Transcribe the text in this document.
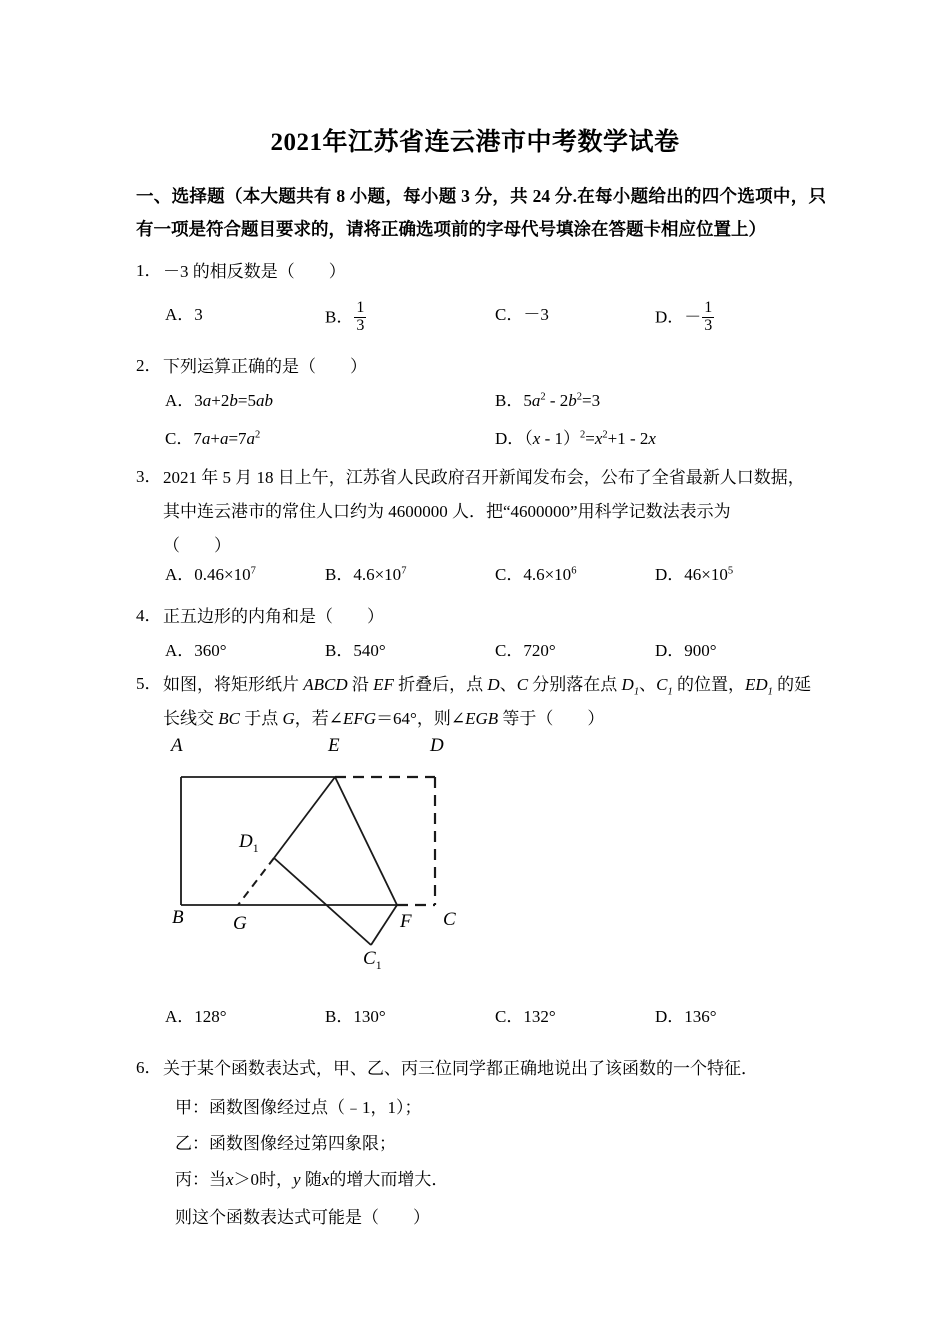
2021年江苏省连云港市中考数学试卷
一、选择题（本大题共有 8 小题，每小题 3 分，共 24 分.在每小题给出的四个选项中，只有一项是符合题目要求的，请将正确选项前的字母代号填涂在答题卡相应位置上）
1． －3 的相反数是（　　）
A．3	B． $\frac{1}{3}$	C．－3	D．－ $\frac{1}{3}$
2． 下列运算正确的是（　　）
A．3a+2b=5ab	B．$5a^2 - 2b^2=3$
C．$7a+a=7a^2$	D．$(x - 1)^2=x^2+1 - 2x$
3． 2021 年 5 月 18 日上午，江苏省人民政府召开新闻发布会，公布了全省最新人口数据，
其中连云港市的常住人口约为 4600000 人．把“4600000”用科学记数法表示为
（　　）
A．$0.46\times 10^7$	B．$4.6\times 10^7$	C．$4.6\times 10^6$	D．$46\times 10^5$
4． 正五边形的内角和是（　　）
A．360°	B．540°	C．720°	D．900°
5． 如图，将矩形纸片 ABCD 沿 EF 折叠后，点 D、C 分别落在点 $D_1$、$C_1$ 的位置，$ED_1$ 的延
长线交 BC 于点 G，若∠EFG＝64°，则∠EGB 等于（　　）
A	E	D
B	G	F C
$D_1$
$C_1$
A．128°	B．130°	C．132°	D．136°
6． 关于某个函数表达式，甲、乙、丙三位同学都正确地说出了该函数的一个特征．
甲：函数图像经过点（﹣1，1）；
乙：函数图像经过第四象限；
丙：当x＞0时，y 随x的增大而增大．
则这个函数表达式可能是（　　）
